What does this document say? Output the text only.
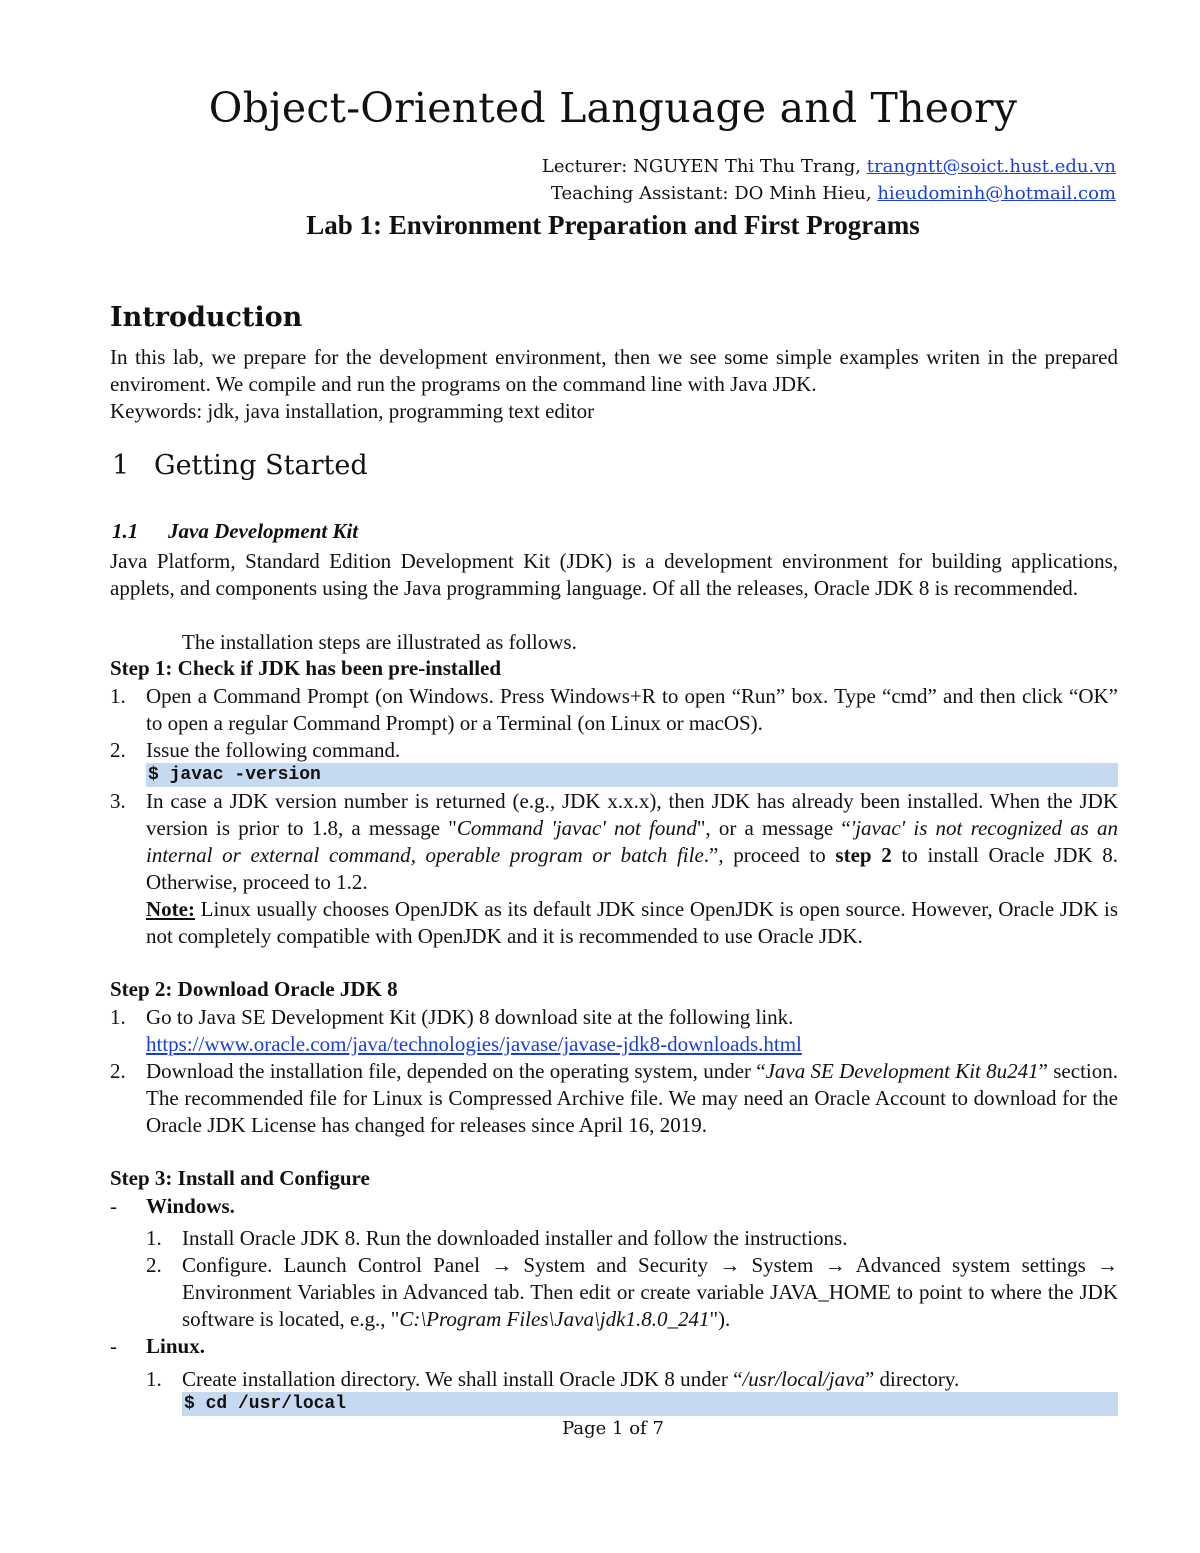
Object-Oriented Language and Theory
Lecturer: NGUYEN Thi Thu Trang, trangntt@soict.hust.edu.vn
Teaching Assistant: DO Minh Hieu, hieudominh@hotmail.com
Lab 1: Environment Preparation and First Programs
Introduction
In this lab, we prepare for the development environment, then we see some simple examples writen in the prepared enviroment. We compile and run the programs on the command line with Java JDK.
Keywords: jdk, java installation, programming text editor
1 Getting Started
1.1 Java Development Kit
Java Platform, Standard Edition Development Kit (JDK) is a development environment for building applications, applets, and components using the Java programming language. Of all the releases, Oracle JDK 8 is recommended.
The installation steps are illustrated as follows.
Step 1: Check if JDK has been pre-installed
1. Open a Command Prompt (on Windows. Press Windows+R to open “Run” box. Type “cmd” and then click “OK” to open a regular Command Prompt) or a Terminal (on Linux or macOS).
2. Issue the following command.
$ javac -version
3. In case a JDK version number is returned (e.g., JDK x.x.x), then JDK has already been installed. When the JDK version is prior to 1.8, a message "Command 'javac' not found", or a message “'javac' is not recognized as an internal or external command, operable program or batch file.”, proceed to step 2 to install Oracle JDK 8. Otherwise, proceed to 1.2.
Note: Linux usually chooses OpenJDK as its default JDK since OpenJDK is open source. However, Oracle JDK is not completely compatible with OpenJDK and it is recommended to use Oracle JDK.
Step 2: Download Oracle JDK 8
1. Go to Java SE Development Kit (JDK) 8 download site at the following link.
https://www.oracle.com/java/technologies/javase/javase-jdk8-downloads.html
2. Download the installation file, depended on the operating system, under “Java SE Development Kit 8u241” section. The recommended file for Linux is Compressed Archive file. We may need an Oracle Account to download for the Oracle JDK License has changed for releases since April 16, 2019.
Step 3: Install and Configure
- Windows.
1. Install Oracle JDK 8. Run the downloaded installer and follow the instructions.
2. Configure. Launch Control Panel → System and Security → System → Advanced system settings → Environment Variables in Advanced tab. Then edit or create variable JAVA_HOME to point to where the JDK software is located, e.g., "C:\Program Files\Java\jdk1.8.0_241").
- Linux.
1. Create installation directory. We shall install Oracle JDK 8 under “/usr/local/java” directory.
$ cd /usr/local
Page 1 of 7
